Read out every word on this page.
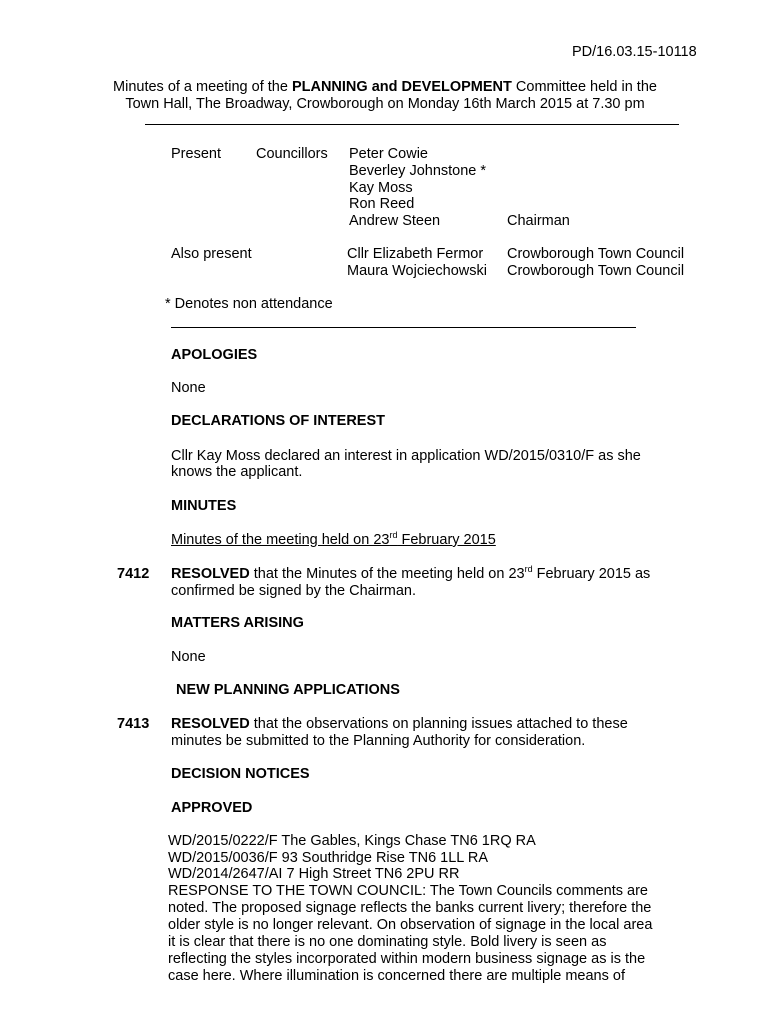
PD/16.03.15-10118
Minutes of a meeting of the PLANNING and DEVELOPMENT Committee held in the
Town Hall, The Broadway, Crowborough on Monday 16th March 2015 at 7.30 pm
Present Councillors Peter Cowie
Beverley Johnstone *
Kay Moss
Ron Reed
Andrew Steen	Chairman
Also present	Cllr Elizabeth Fermor Crowborough Town Council
Maura Wojciechowski Crowborough Town Council
* Denotes non attendance
APOLOGIES
None
DECLARATIONS OF INTEREST
Cllr Kay Moss declared an interest in application WD/2015/0310/F as she
knows the applicant.
MINUTES
Minutes of the meeting held on 23rd February 2015
7412 RESOLVED that the Minutes of the meeting held on 23rd February 2015 as
confirmed be signed by the Chairman.
MATTERS ARISING
None
NEW PLANNING APPLICATIONS
7413 RESOLVED that the observations on planning issues attached to these
minutes be submitted to the Planning Authority for consideration.
DECISION NOTICES
APPROVED
WD/2015/0222/F The Gables, Kings Chase TN6 1RQ RA
WD/2015/0036/F 93 Southridge Rise TN6 1LL RA
WD/2014/2647/AI 7 High Street TN6 2PU RR
RESPONSE TO THE TOWN COUNCIL: The Town Councils comments are
noted. The proposed signage reflects the banks current livery; therefore the
older style is no longer relevant. On observation of signage in the local area
it is clear that there is no one dominating style. Bold livery is seen as
reflecting the styles incorporated within modern business signage as is the
case here. Where illumination is concerned there are multiple means of
